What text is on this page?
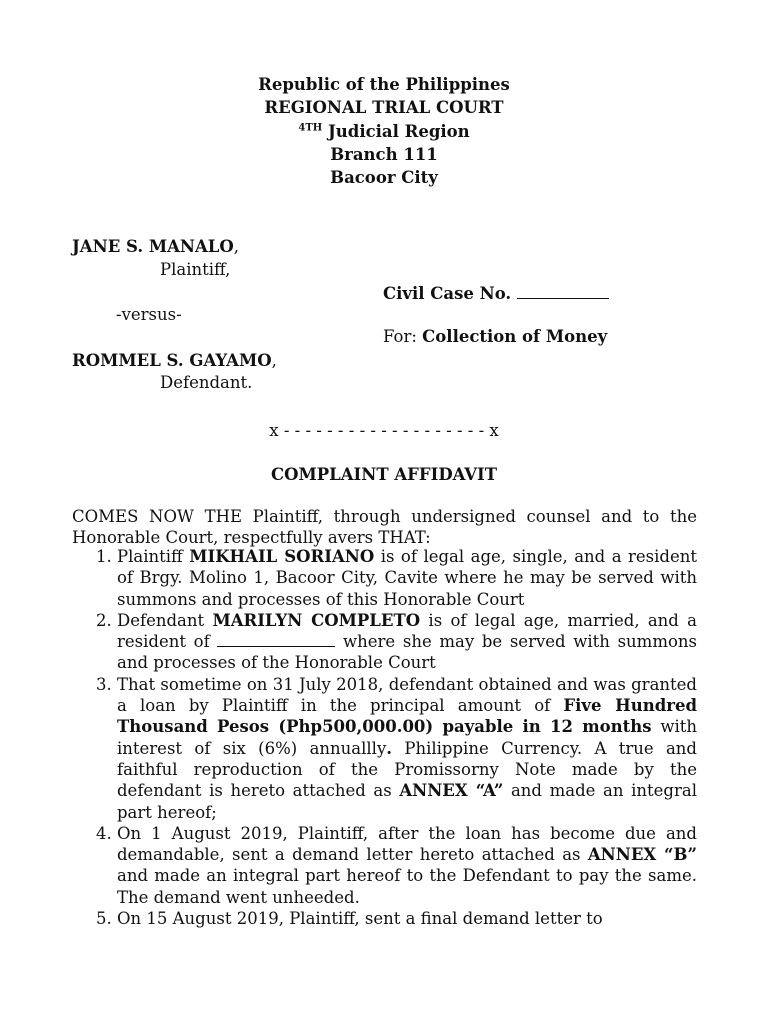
Republic of the Philippines
REGIONAL TRIAL COURT
$^{4TH}$ Judicial Region
Branch 111
Bacoor City
JANE S. MANALO,
Plaintiff,
Civil Case No.
-versus-
For: Collection of Money
ROMMEL S. GAYAMO,
Defendant.
x - - - - - - - - - - - - - - - - - - - x
COMPLAINT AFFIDAVIT
COMES NOW THE Plaintiff, through undersigned counsel and to the Honorable Court, respectfully avers THAT:
1. Plaintiff MIKHAIL SORIANO is of legal age, single, and a resident of Brgy. Molino 1, Bacoor City, Cavite where he may be served with summons and processes of this Honorable Court
2. Defendant MARILYN COMPLETO is of legal age, married, and a resident of	where she may be served with summons and processes of the Honorable Court
3. That sometime on 31 July 2018, defendant obtained and was granted a loan by Plaintiff in the principal amount of Five Hundred Thousand Pesos (Php500,000.00) payable in 12 months with interest of six (6%) annuallly. Philippine Currency. A true and faithful reproduction of the Promissorny Note made by the defendant is hereto attached as ANNEX “A” and made an integral part hereof;
4. On 1 August 2019, Plaintiff, after the loan has become due and demandable, sent a demand letter hereto attached as ANNEX “B” and made an integral part hereof to the Defendant to pay the same. The demand went unheeded.
5. On 15 August 2019, Plaintiff, sent a final demand letter to
